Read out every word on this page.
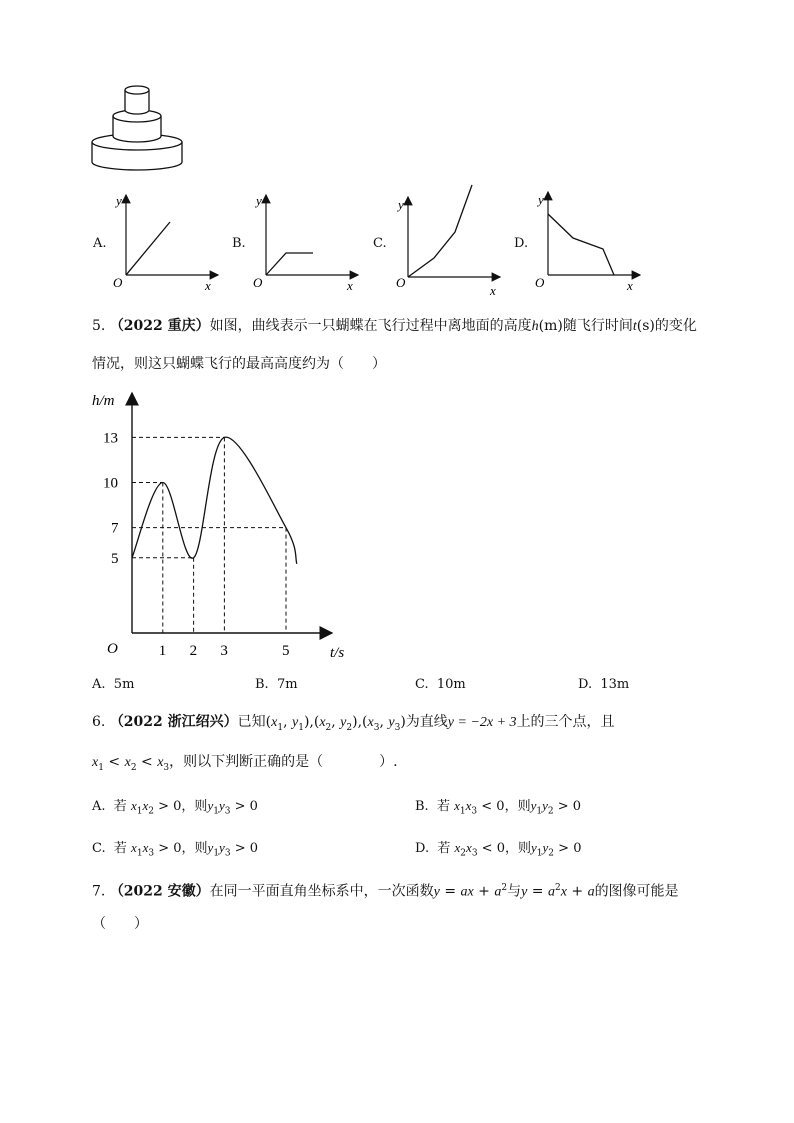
A.
y
O	x
B.
y
O	x
C.
y
O
x
D.
y
O	x
5. （2022 重庆）如图，曲线表示一只蝴蝶在飞行过程中离地面的高度h(m)随飞行时间t(s)的变化
情况，则这只蝴蝶飞行的最高高度约为（　　）
1 2 3	5
5
7
10
13
h/m
O	t/s
A. 5m	B. 7m	C. 10m	D. 13m
6. （2022 浙江绍兴）已知($x_1$, $y_1),(x_2$, $y_2),(x_3$, $y_3$)为直线y = −2x + 3上的三个点，且
$x_1 < x_2 < x_3$，则以下判断正确的是（　　　　）.
A. 若 $x_1x_2 > 0$，则$y_1y_3 > 0$	B. 若 $x_1x_3 < 0$，则$y_1y_2 > 0$
C. 若 $x_1x_3 > 0$，则$y_1y_3 > 0$	D. 若 $x_2x_3 < 0$，则$y_1y_2 > 0$
7. （2022 安徽）在同一平面直角坐标系中，一次函数y = ax + $a^2$与$y = a^2x + a$的图像可能是
（　　）
